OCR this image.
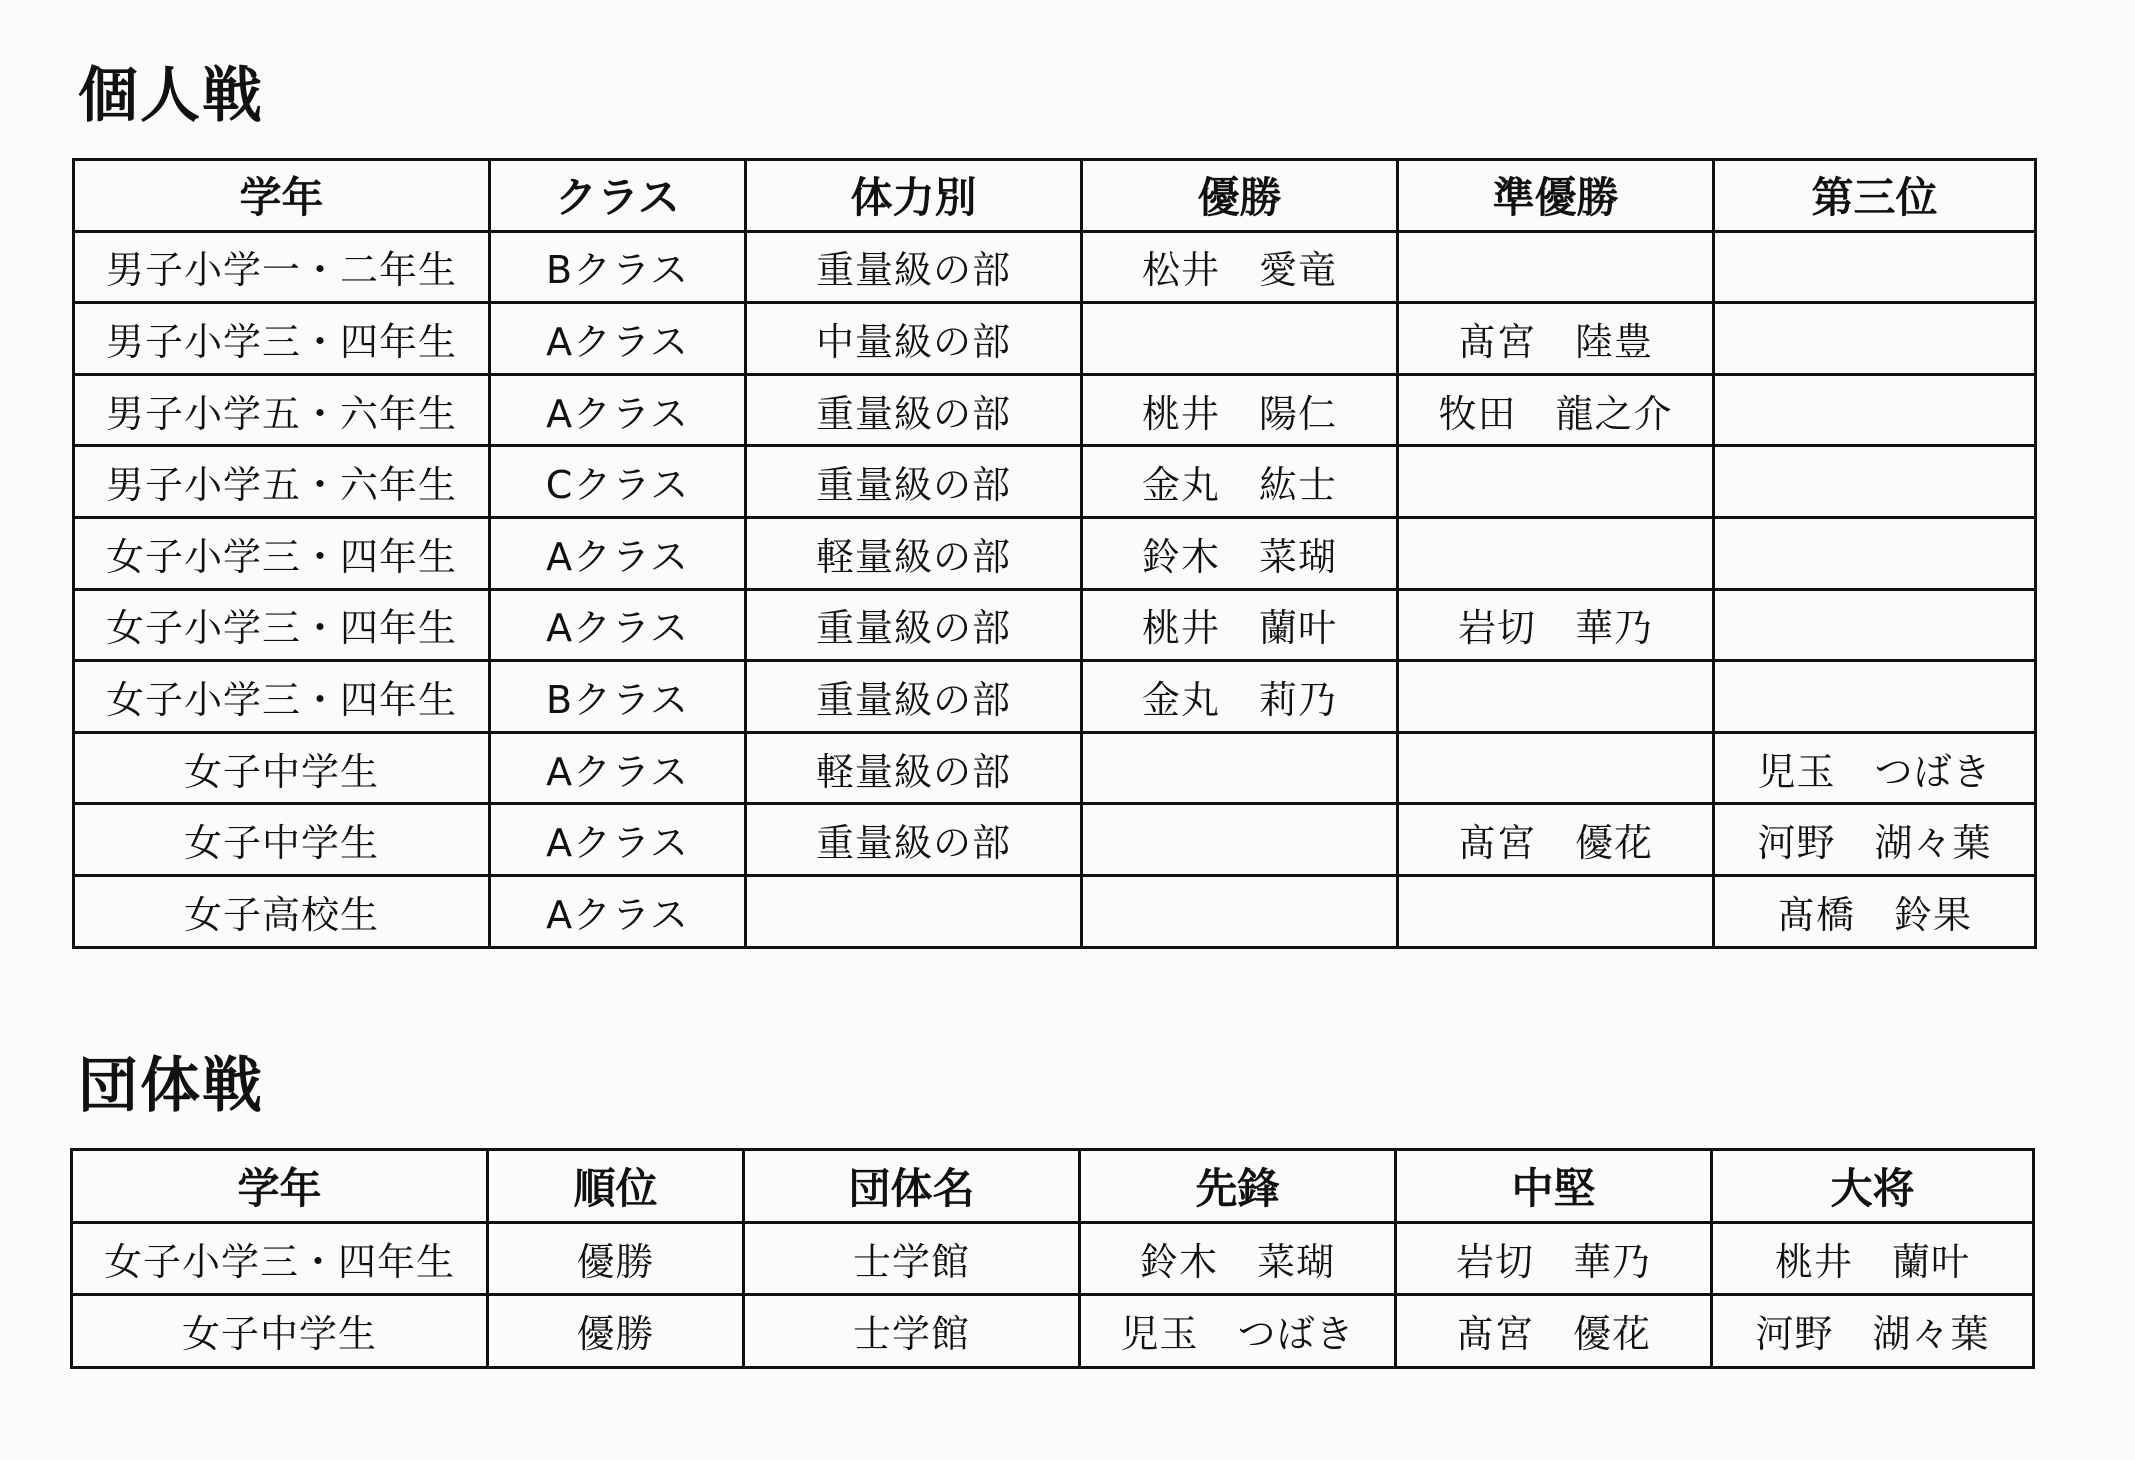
個人戦
学年	クラス	体力別	優勝	準優勝	第三位
男子小学一・二年生	Bクラス	重量級の部	松井　愛竜		
男子小学三・四年生	Aクラス	中量級の部		髙宮　陸豊	
男子小学五・六年生	Aクラス	重量級の部	桃井　陽仁	牧田　龍之介	
男子小学五・六年生	Cクラス	重量級の部	金丸　紘士		
女子小学三・四年生	Aクラス	軽量級の部	鈴木　菜瑚		
女子小学三・四年生	Aクラス	重量級の部	桃井　蘭叶	岩切　華乃	
女子小学三・四年生	Bクラス	重量級の部	金丸　莉乃		
女子中学生	Aクラス	軽量級の部			児玉　つばき
女子中学生	Aクラス	重量級の部		髙宮　優花	河野　湖々葉
女子高校生	Aクラス				髙橋　鈴果
団体戦
学年	順位	団体名	先鋒	中堅	大将
女子小学三・四年生	優勝	士学館	鈴木　菜瑚	岩切　華乃	桃井　蘭叶
女子中学生	優勝	士学館	児玉　つばき	髙宮　優花	河野　湖々葉
